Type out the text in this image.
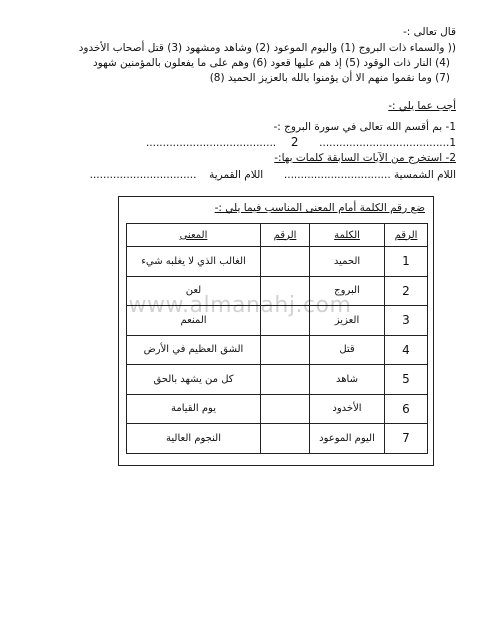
قال تعالى :-
(( والسماء ذات البروج (1) واليوم الموعود (2) وشاهد ومشهود (3) قتل أصحاب الأخدود
(4) النار ذات الوقود (5) إذ هم عليها قعود (6) وهم على ما يفعلون بالمؤمنين شهود
(7) وما نقموا منهم الا أن يؤمنوا بالله بالعزيز الحميد (8)
أجب عما يلي :-
1- بم أقسم الله تعالى في سورة البروج :-
1.......................................  2  .......................................
2- استخرج من الآيات السابقة كلمات بها:-
اللام الشمسية ................................  اللام القمرية  ................................
ضع رقم الكلمة أمام المعنى المناسب فيما يلي :-
الرقم	الكلمة	الرقم	المعنى
1	الحميد		الغالب الذي لا يغلبه شيء
2	البروج		لعن
3	العزيز		المنعم
4	قتل		الشق العظيم في الأرض
5	شاهد		كل من يشهد بالحق
6	الأخدود		يوم القيامة
7	اليوم الموعود		النجوم العالية
www.almanahj.com
